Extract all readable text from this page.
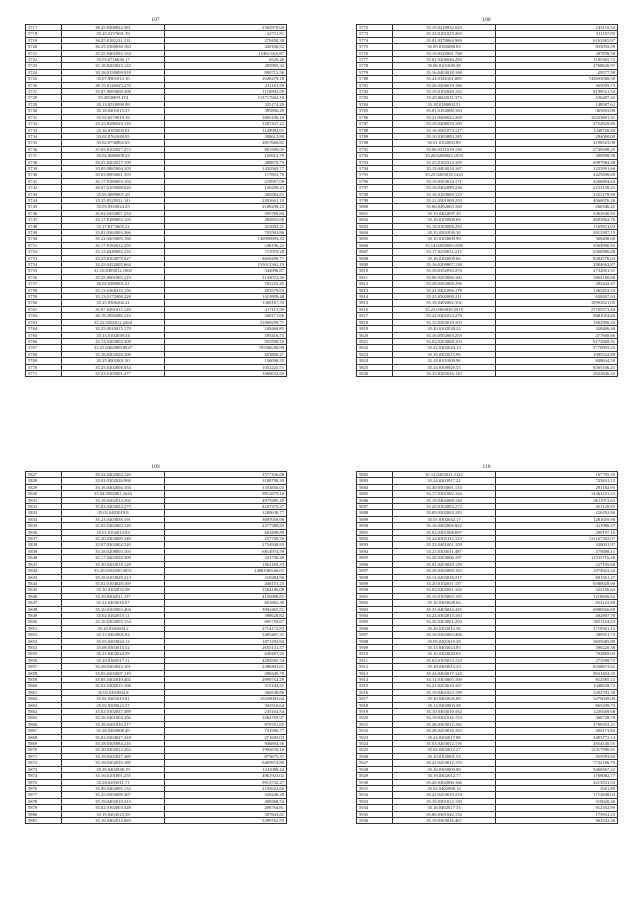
107
5717	38.25.8208022.381	2502979,69
5718	35.25.0157691.39	22711,81
5719	36.25.8182231.131	279458,38
5720	36.25.0360038.183	430106,52
5721	35.25.9401092.134	1546115(6,87
5722	35.03.0716636.17	6520,26
5723	35.18.8203023.122	285995,32
5724	35.18.0150009.918	890712,56
5725	35.07.8901013.10	1028279,18
5726	38.15.8126023.270	231191,58
5727	35.07.8693008.398	1118892,59
5728	35.3050009.174	113717662,10
5729	35.13.8510099.99	325174,29
5730	35.18.0201015.37	385856,29
5731	35.02.6570019.18	1865106,16
5732	35.25.8286023.118	1287437,22
5733	35.16.8185005.61	1128992,91
5734	35.02.0761048.95	308612,89
5735	35.02.0736865.65	2817666,81
5736	35.05.8102927.472	801506,65
5737	35.02.8086008.23	126912,79
5738	35.25.8202017.109	288878,79
5739	35.05.0885004.103	1450569,77
5740	35.03.8005061.103	117852,70
5741	35.17.8180003.104	218957,08
5742	36.07.0105008.020	126298,23
5743	35.05.0889007.28	260584,81
5744	35.25.8325011.141	2292661,10
5745	35.03.0335024.25	2180298,23
5746	35.02.0452007.234	395769,84
5747	35.17.8180003.103	482855,60
5748	35.17.8172605.21	415692,21
5749	35.02.0362003.366	705501,86
5750	35.22.0205005.168	136990093,33
5751	35.17.8192012.250	248196,22
5752	35.13.8440002.232	715979,28
5753	35.25.8104079.927	8656498,77
5754	35.25.0452005.664	155012362,15
5755	31.10.6383012.1065	344996,87
5756	35.25.8901005.219	3143072,36
5757	38.02.8389001.21	765252,45
5758	35.13.6368416.156	293579,93
5759	35.13.0172008.228	1413899,48
5760	35.25.0306202.21	1368167,53
5761	35.07.8491015.129	417117,39
5762	36.18.2850286.122	340171,66
5763	35.22.0202012.2264	21069299,77
5764	35.25.0020015.179	249468,85
5765	35.13.0102039.54	595416,75
5766	35.13.0202004.308	955598,72
5767	35.25.0402069.0827	795366,80,99
5768	35.16.8202028.206	853808,27
5769	35.25.0001001.50	136096,35
5770	35.25.8202008.934	1052225,51
5771	35.23.0105001.277	1669632,56
108
5772	35.10.0210032.025	245116,52
5773	35.23.0101025.263	311197,83
5774	35.01.0270064.969	6163365,97
5775	35.05.0182068.83	855092,59
5776	35.10.0320001.768	287858,58
5777	35.01.0206046.294	3185365,72
5778	35.06.0101049.38	2768626,97
5779	35.16.0403018.168	29577,58
5780	35.24.0326101.085	743693066,50
5781	35.26.0206018.186	365095,73
5782	35.10.0102028.152	8198521,54
5783	35.20.0602011.373	536487,43
5784	35.18.0180003.51	148587,62
5785	35.01.0102008.103	365693,80
5786	35.21.0406022.269	10223801,31
5787	35.10.0206019.190	2752829,86
5788	35.16.0501073.127	1348726,82
5789	35.10.0303083.185	284000,09
5790	35.01.0102003.89	4198523,98
5791	35.06.0231019.130	2749398,25
5792	35.20.0206003.1059	380998,98
5793	35.25.0102314.105	6087984,48
5794	35.19.0403018.167	1253991,66
5795	35.25.0203018.1423	4425696,68
5796	35.10.0303014.171	3266894,63
5797	35.16.0402099.236	2233138,21
5798	35.16.0103009.125	2352178,69
5799	35.21.0501009.253	4066976,26
5800	35.06.0202003.160	266346,45
5801	35.13.0402097.29	3362946,83
5802	35.16.0103008.69	4693962,76
5803	35.18.0103008.235	1165911,03
5804	35.15.0301030.30	3913397,13
5805	35.10.0103009.99	306498,68
5806	35.14.0202008.1580	5564996,83
5807	35.17.0250011.215	6366986,68
5808	35.16.0103009.66	8284576,02
5809	35.16.0209007.138	2984662,87
5810	35.10.0352010.274	2732651,51
5811	35.08.0203006.160	3864180,68
5812	35.28.0502008.296	285442,47
5813	35.21.0401006.178	1465453,55
5814	35.25.0502009.211	638497,63
5815	35.16.0402002.102	10993521,05
5816	35.23.0303039.2919	27765373,44
5817	35.24.0301013.276	9681054,60
5818	35.15.0303019.103	1862996,32
5819	35.20.0102028.23	328486,48
5820	35.16.0502003.255	477668,66
5821	35.02.0203008.103	6172668,91
5822	35.22.0302024.13	5770993,35
5823	35.18.0203013.96	1085524,80
5824	35.18.0101009.96	848634,59
5825	35.24.0309029.53	8565106,21
5826	35.23.0303016.110	2622846,35
109
5827	35.22.0402004.120	1577436,68
5828	35.02.0302026.968	3180798,39
5829	35.16.0402004.104	1355856,03
5830	35.04.0502001.1643	9812879,16
5831	35.18.0202014.202	4973385,20
5832	35.03.0403024.275	4167370,37
5833	35.02.0403019.8	1280638,77
5834	35.23.0403038.191	3697058,98
5835	35.05.0402003.120	2277388,83
5836	35.01.0102014.83	603498,89
5837	35.20.0304009.348	257708,50
5838	35.07.0302002.520	2754949,83
5839	35.18.0208003.103	6814974,59
5840	35.17.0402038.309	221736,38
5841	35.30.0203018.128	1961169,33
5842	35.20.0102030.3051	14681969,66,01
5843	35.18.0103029.213	310384,56
5844	35.02.0104028.169	446151,23
5845	35.10.0102032.98	1564186,08
5846	35.29.0302011.157	4156888,81
5847	35.22.0403016.67	601862,39
5848	35.10.0102003.404	3992465,51
5849	35.02.0202015.11	398628,82
5850	35.16.0302003.154	695759,67
5851	35.20.0302004.2	2714172,83
5852	35.13.0402005.82	3405407,31
5853	35.03.0203024.12	1871292,84
5854	35.08.0303013.52	2655131,57
5855	35.21.0402024.59	630467,20
5856	35.20.0302017.11	4283565,54
5857	35.28.0302022.101	2388403,61
5858	35.05.0203007.119	296349,79
5859	35.05.0402049.402	2990752,29
5860	35.02.0402015.168	315144,31
5861	35.02.0403004.8	366538,86
5862	35.02.0201019.01	10250003,64
5863	35.02.0305023.57	302516,64
5864	35.02.0302037.389	235164,54
5865	35.16.0401004.356	1064769,97
5866	35.28.0201039.217	879761,65
5867	35.28.0203008.49	741906,77
5868	35.02.0204027.418	271695,03
5869	35.18.0305084.210	946894,56
5870	35.20.0302012.262	1903676,16
5871	35.19.0302027.489	873675,37
5872	35.18.0302019.189	6483974,80
5873	35.28.0402038.19	1241089,44
5874	35.16.0101001.255	4961923,02
5875	35.28.0203011.71	9913732,47
5876	35.08.0402005.152	2193622,66
5877	35.25.0303009.307	320246,28
5878	35.19.0402019.213	409368,53
5879	35.02.0102003.328	298764,81
5880	35.19.0203023.58	397843,81
5881	35.16.0402012.683	5399762,93
110
5882	35.12.0403021.1122	167795,35
5883	35.24.0203017.22	725831,12
5884	35.30.0503001.133	281182,95
5885	35.17.0301002.164	14361231,21
5886	35.18.0402008.146	3611972,63
5887	35.20.0102003.272	451120,83
5888	35.09.0302002.183	226392,86
5889	35.01.0302032.17	1281659,98
5890	35.16.0402006.852	411986,27
5891	35.02.0301008.697	299197,10
5892	35.24.0303113.123	131167203,07
5893	35.23.0401001.109	330031,97
5894	35.25.0303011.487	578808,11
5895	35.26.0303006.197	11535716,28
5896	35.01.0203028.159	227195,68
5897	35.29.0302009.163	1074922,22
5898	35.13.0203016.217	691561,27
5899	35.20.0102011.157	6580028,90
5900	35.03.0302001.162	322156,64
5901	35.10.0103003.155	1218656,62
5902	35.16.0303028.64	652122,88
5903	35.25.0403024.425	6988566,69
5904	35.22.0302013.183	402897,78
5905	35.26.0403001.294	3051154,53
5906	35.26.0202012.56	2718301,12
5907	35.16.0302003.466	389591,73
5908	35.05.0201019.28	3835085,89
5909	35.15.0403023.85	396220,38
5910	35.16.0303029.03	792869,05
5911	35.03.0103013.133	273598,75
5912	35.18.0303013.23	8338673,62
5913	35.24.0403017.123	9631404,35
5914	35.12.0303005.169	812585,13
5915	35.21.0203010.167	1348628,72
5916	35.19.0401023.198	3202793,38
5917	35.30.0402026.88	3279049,09
5918	35.13.0202003.38	865299,73
5919	35.10.0303010.162	1236569,68
5920	35.19.0301016.153	366728,78
5921	35.28.0303012.182	4799353,21
5922	35.28.0203016.163	400173,82
5923	35.24.0202017.88	3493772,14
5924	35.03.0203012.176	2654140,55
5925	35.02.0302012.27	12317996,91
5926	35.10.0103001.53	925993,69
5927	35.22.0203012.155	7722186,79
5928	35.16.0303003.88	9466567,22
5929	35.19.0302012.77	1769082,77
5930	35.20.0302006.166	4213531,53
5931	35.02.0402008.14	3561,89
5932	35.22.0203019.218	1712848,04
5933	35.19.0301012.150	318020,26
5934	35.16.0402017.33	912502,90
5935	35.06.0301042.152	175931,23
5936	35.19.0303016.467	962542,46
